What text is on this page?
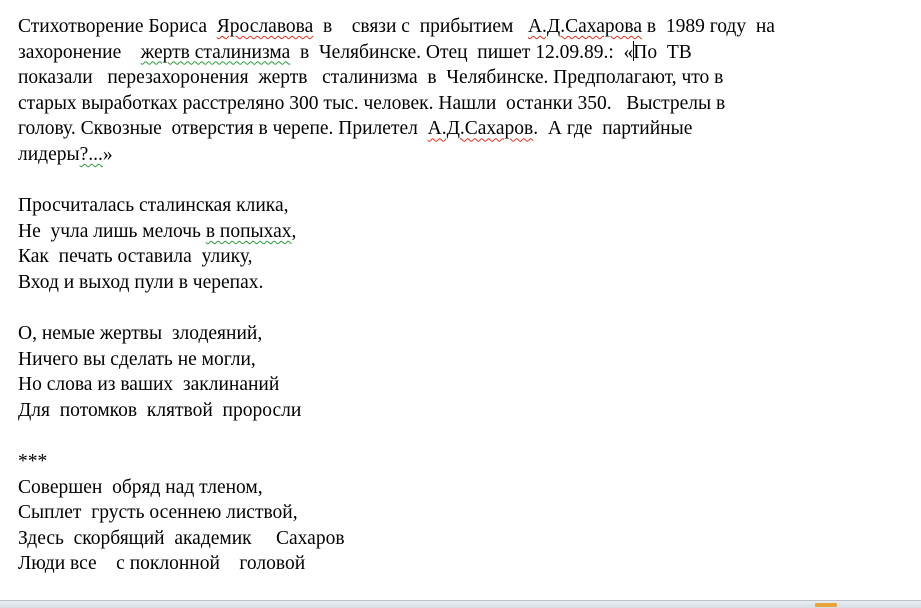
Стихотворение Бориса  Ярославова  в    связи с  прибытием   А.Д.Сахарова в  1989 году  на
захоронение    жертв сталинизма  в  Челябинске. Отец  пишет 12.09.89.:  «По  ТВ
показали   перезахоронения  жертв   сталинизма  в  Челябинске. Предполагают, что в
старых выработках расстреляно 300 тыс. человек. Нашли  останки 350.   Выстрелы в
голову. Сквозные  отверстия в черепе. Прилетел  А.Д.Сахаров.  А где  партийные
лидеры?...»
Просчиталась сталинская клика,
Не  учла лишь мелочь в попыхах,
Как  печать оставила  улику,
Вход и выход пули в черепах.
О, немые жертвы  злодеяний,
Ничего вы сделать не могли,
Но слова из ваших  заклинаний
Для  потомков  клятвой  проросли
***
Совершен  обряд над тленом,
Сыплет  грусть осеннею листвой,
Здесь  скорбящий  академик     Сахаров
Люди все    с поклонной    головой
